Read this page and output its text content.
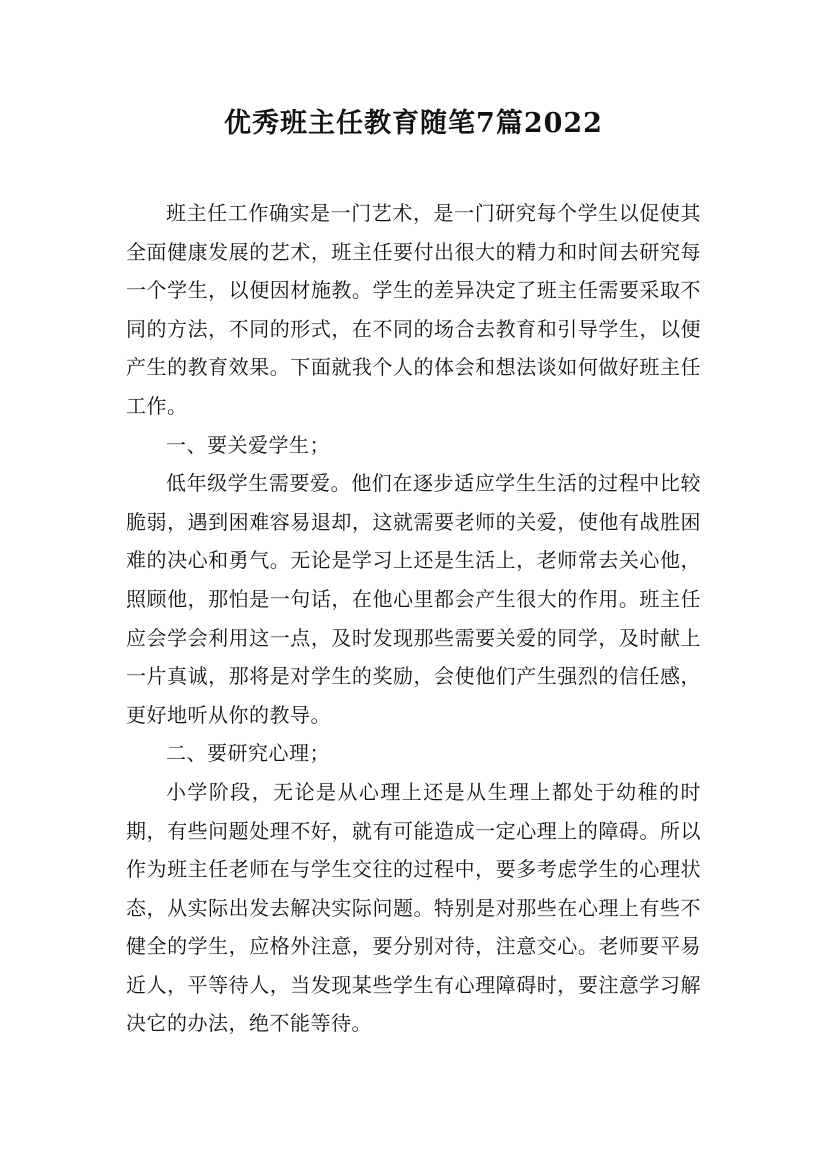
优秀班主任教育随笔7篇2022

班主任工作确实是一门艺术，是一门研究每个学生以促使其全面健康发展的艺术，班主任要付出很大的精力和时间去研究每一个学生，以便因材施教。学生的差异决定了班主任需要采取不同的方法，不同的形式，在不同的场合去教育和引导学生，以便产生的教育效果。下面就我个人的体会和想法谈如何做好班主任工作。

一、要关爱学生；

低年级学生需要爱。他们在逐步适应学生生活的过程中比较脆弱，遇到困难容易退却，这就需要老师的关爱，使他有战胜困难的决心和勇气。无论是学习上还是生活上，老师常去关心他，照顾他，那怕是一句话，在他心里都会产生很大的作用。班主任应会学会利用这一点，及时发现那些需要关爱的同学，及时献上一片真诚，那将是对学生的奖励，会使他们产生强烈的信任感，更好地听从你的教导。

二、要研究心理；

小学阶段，无论是从心理上还是从生理上都处于幼稚的时期，有些问题处理不好，就有可能造成一定心理上的障碍。所以作为班主任老师在与学生交往的过程中，要多考虑学生的心理状态，从实际出发去解决实际问题。特别是对那些在心理上有些不健全的学生，应格外注意，要分别对待，注意交心。老师要平易近人，平等待人，当发现某些学生有心理障碍时，要注意学习解决它的办法，绝不能等待。
